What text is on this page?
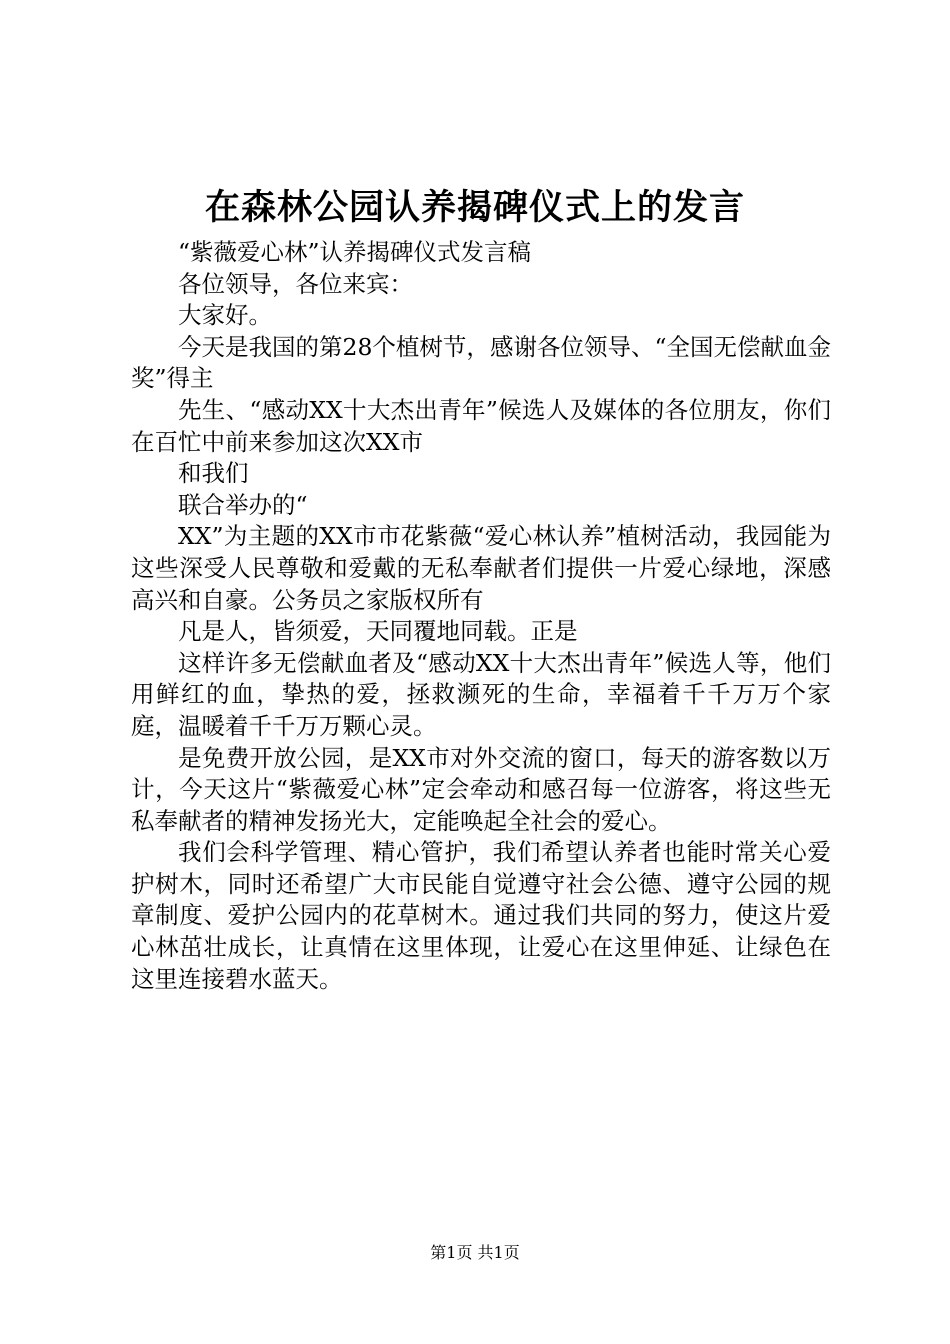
在森林公园认养揭碑仪式上的发言

“紫薇爱心林”认养揭碑仪式发言稿

各位领导，各位来宾：

大家好。

今天是我国的第28个植树节，感谢各位领导、“全国无偿献血金奖”得主

先生、“感动XX十大杰出青年”候选人及媒体的各位朋友，你们在百忙中前来参加这次XX市

和我们

联合举办的“

XX”为主题的XX市市花紫薇“爱心林认养”植树活动，我园能为这些深受人民尊敬和爱戴的无私奉献者们提供一片爱心绿地，深感高兴和自豪。公务员之家版权所有

凡是人，皆须爱，天同覆地同载。正是

这样许多无偿献血者及“感动XX十大杰出青年”候选人等，他们用鲜红的血，挚热的爱，拯救濒死的生命，幸福着千千万万个家庭，温暖着千千万万颗心灵。

是免费开放公园，是XX市对外交流的窗口，每天的游客数以万计，今天这片“紫薇爱心林”定会牵动和感召每一位游客，将这些无私奉献者的精神发扬光大，定能唤起全社会的爱心。

我们会科学管理、精心管护，我们希望认养者也能时常关心爱护树木，同时还希望广大市民能自觉遵守社会公德、遵守公园的规章制度、爱护公园内的花草树木。通过我们共同的努力，使这片爱心林茁壮成长，让真情在这里体现，让爱心在这里伸延、让绿色在这里连接碧水蓝天。

第1页 共1页
